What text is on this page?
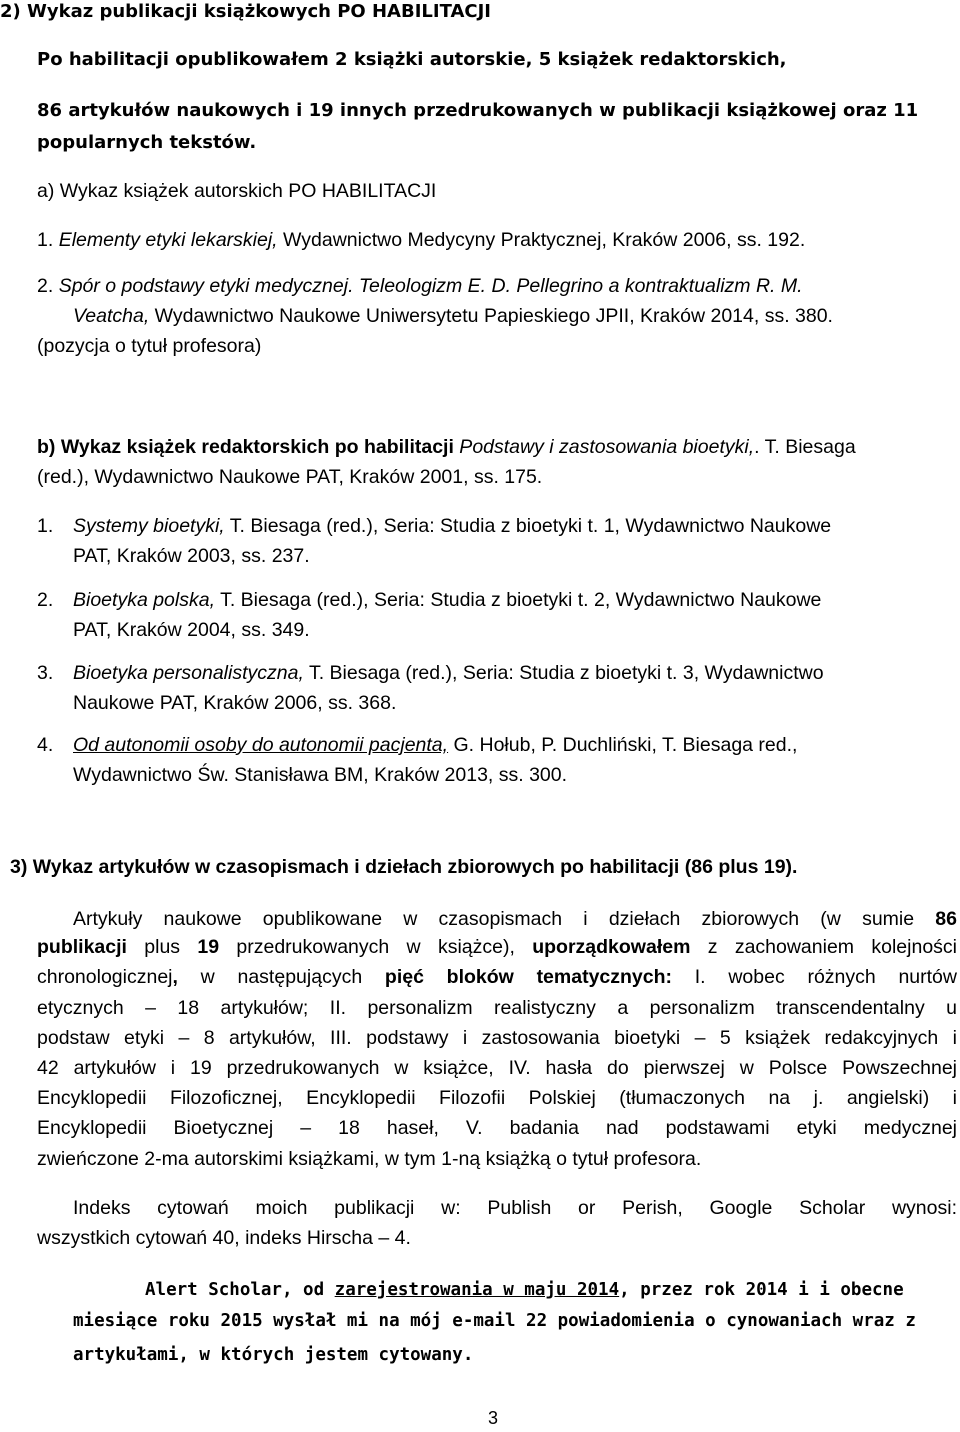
2) Wykaz publikacji książkowych PO HABILITACJI
Po habilitacji opublikowałem 2 książki autorskie, 5 książek redaktorskich,
86 artykułów naukowych i 19 innych przedrukowanych w publikacji książkowej oraz 11
popularnych tekstów.
a) Wykaz książek autorskich PO HABILITACJI
1. Elementy etyki lekarskiej, Wydawnictwo Medycyny Praktycznej, Kraków 2006, ss. 192.
2. Spór o podstawy etyki medycznej. Teleologizm E. D. Pellegrino a kontraktualizm R. M.
Veatcha, Wydawnictwo Naukowe Uniwersytetu Papieskiego JPII, Kraków 2014, ss. 380.
(pozycja o tytuł profesora)
b) Wykaz książek redaktorskich po habilitacji Podstawy i zastosowania bioetyki,. T. Biesaga
(red.), Wydawnictwo Naukowe PAT, Kraków 2001, ss. 175.
1. Systemy bioetyki, T. Biesaga (red.), Seria: Studia z bioetyki t. 1, Wydawnictwo Naukowe
PAT, Kraków 2003, ss. 237.
2. Bioetyka polska, T. Biesaga (red.), Seria: Studia z bioetyki t. 2, Wydawnictwo Naukowe
PAT, Kraków 2004, ss. 349.
3. Bioetyka personalistyczna, T. Biesaga (red.), Seria: Studia z bioetyki t. 3, Wydawnictwo
Naukowe PAT, Kraków 2006, ss. 368.
4. Od autonomii osoby do autonomii pacjenta, G. Hołub, P. Duchliński, T. Biesaga red.,
Wydawnictwo Św. Stanisława BM, Kraków 2013, ss. 300.
3) Wykaz artykułów w czasopismach i dziełach zbiorowych po habilitacji (86 plus 19).
Artykuły naukowe opublikowane w czasopismach i dziełach zbiorowych (w sumie 86
publikacji plus 19 przedrukowanych w książce), uporządkowałem z zachowaniem kolejności
chronologicznej, w następujących pięć bloków tematycznych: I. wobec różnych nurtów
etycznych – 18 artykułów; II. personalizm realistyczny a personalizm transcendentalny u
podstaw etyki – 8 artykułów, III. podstawy i zastosowania bioetyki – 5 książek redakcyjnych i
42 artykułów i 19 przedrukowanych w książce, IV. hasła do pierwszej w Polsce Powszechnej
Encyklopedii Filozoficznej, Encyklopedii Filozofii Polskiej (tłumaczonych na j. angielski) i
Encyklopedii Bioetycznej – 18 haseł, V. badania nad podstawami etyki medycznej
zwieńczone 2-ma autorskimi książkami, w tym 1-ną książką o tytuł profesora.
Indeks cytowań moich publikacji w: Publish or Perish, Google Scholar wynosi:
wszystkich cytowań 40, indeks Hirscha – 4.
Alert Scholar, od zarejestrowania w maju 2014, przez rok 2014 i i obecne
miesiące roku 2015 wysłał mi na mój e-mail 22 powiadomienia o cynowaniach wraz z
artykułami, w których jestem cytowany.
3
